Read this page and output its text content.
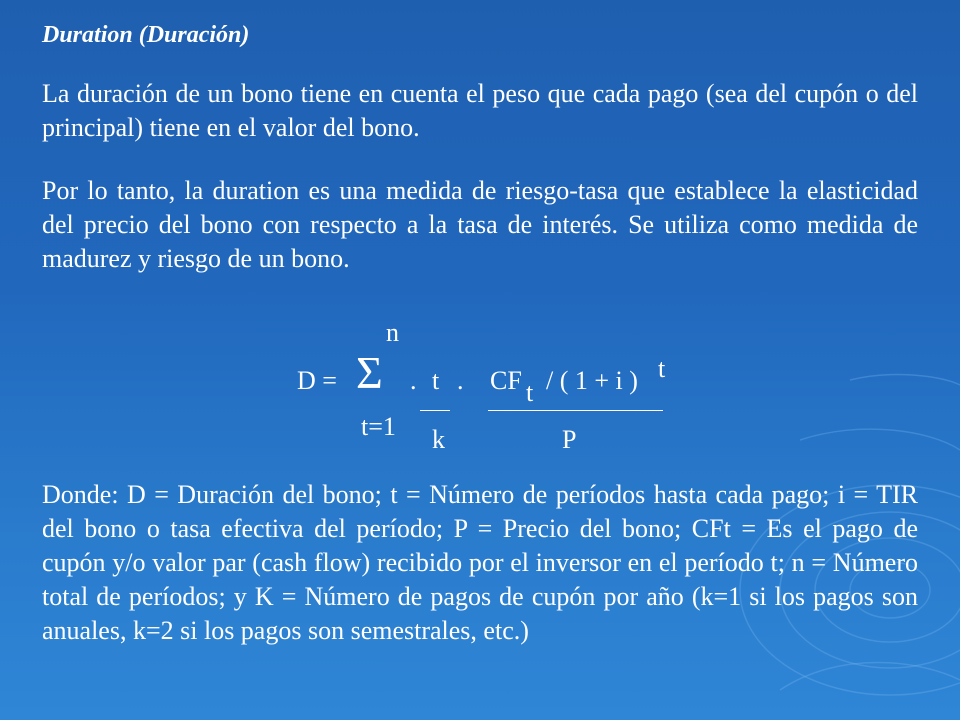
Duration (Duración)
La duración de un bono tiene en cuenta el peso que cada pago (sea del cupón o del principal) tiene en el valor del bono.
Por lo tanto, la duration es una medida de riesgo-tasa que establece la elasticidad del precio del bono con respecto a la tasa de interés. Se utiliza como medida de madurez y riesgo de un bono.
Donde: D = Duración del bono; t = Número de períodos hasta cada pago; i = TIR del bono o tasa efectiva del período; P = Precio del bono; CFt = Es el pago de cupón y/o valor par (cash flow) recibido por el inversor en el período t; n = Número total de períodos; y K = Número de pagos de cupón por año (k=1 si los pagos son anuales, k=2 si los pagos son semestrales, etc.)
n
D = Σ . t . CF t / ( 1 + i ) t
t=1 k	P
